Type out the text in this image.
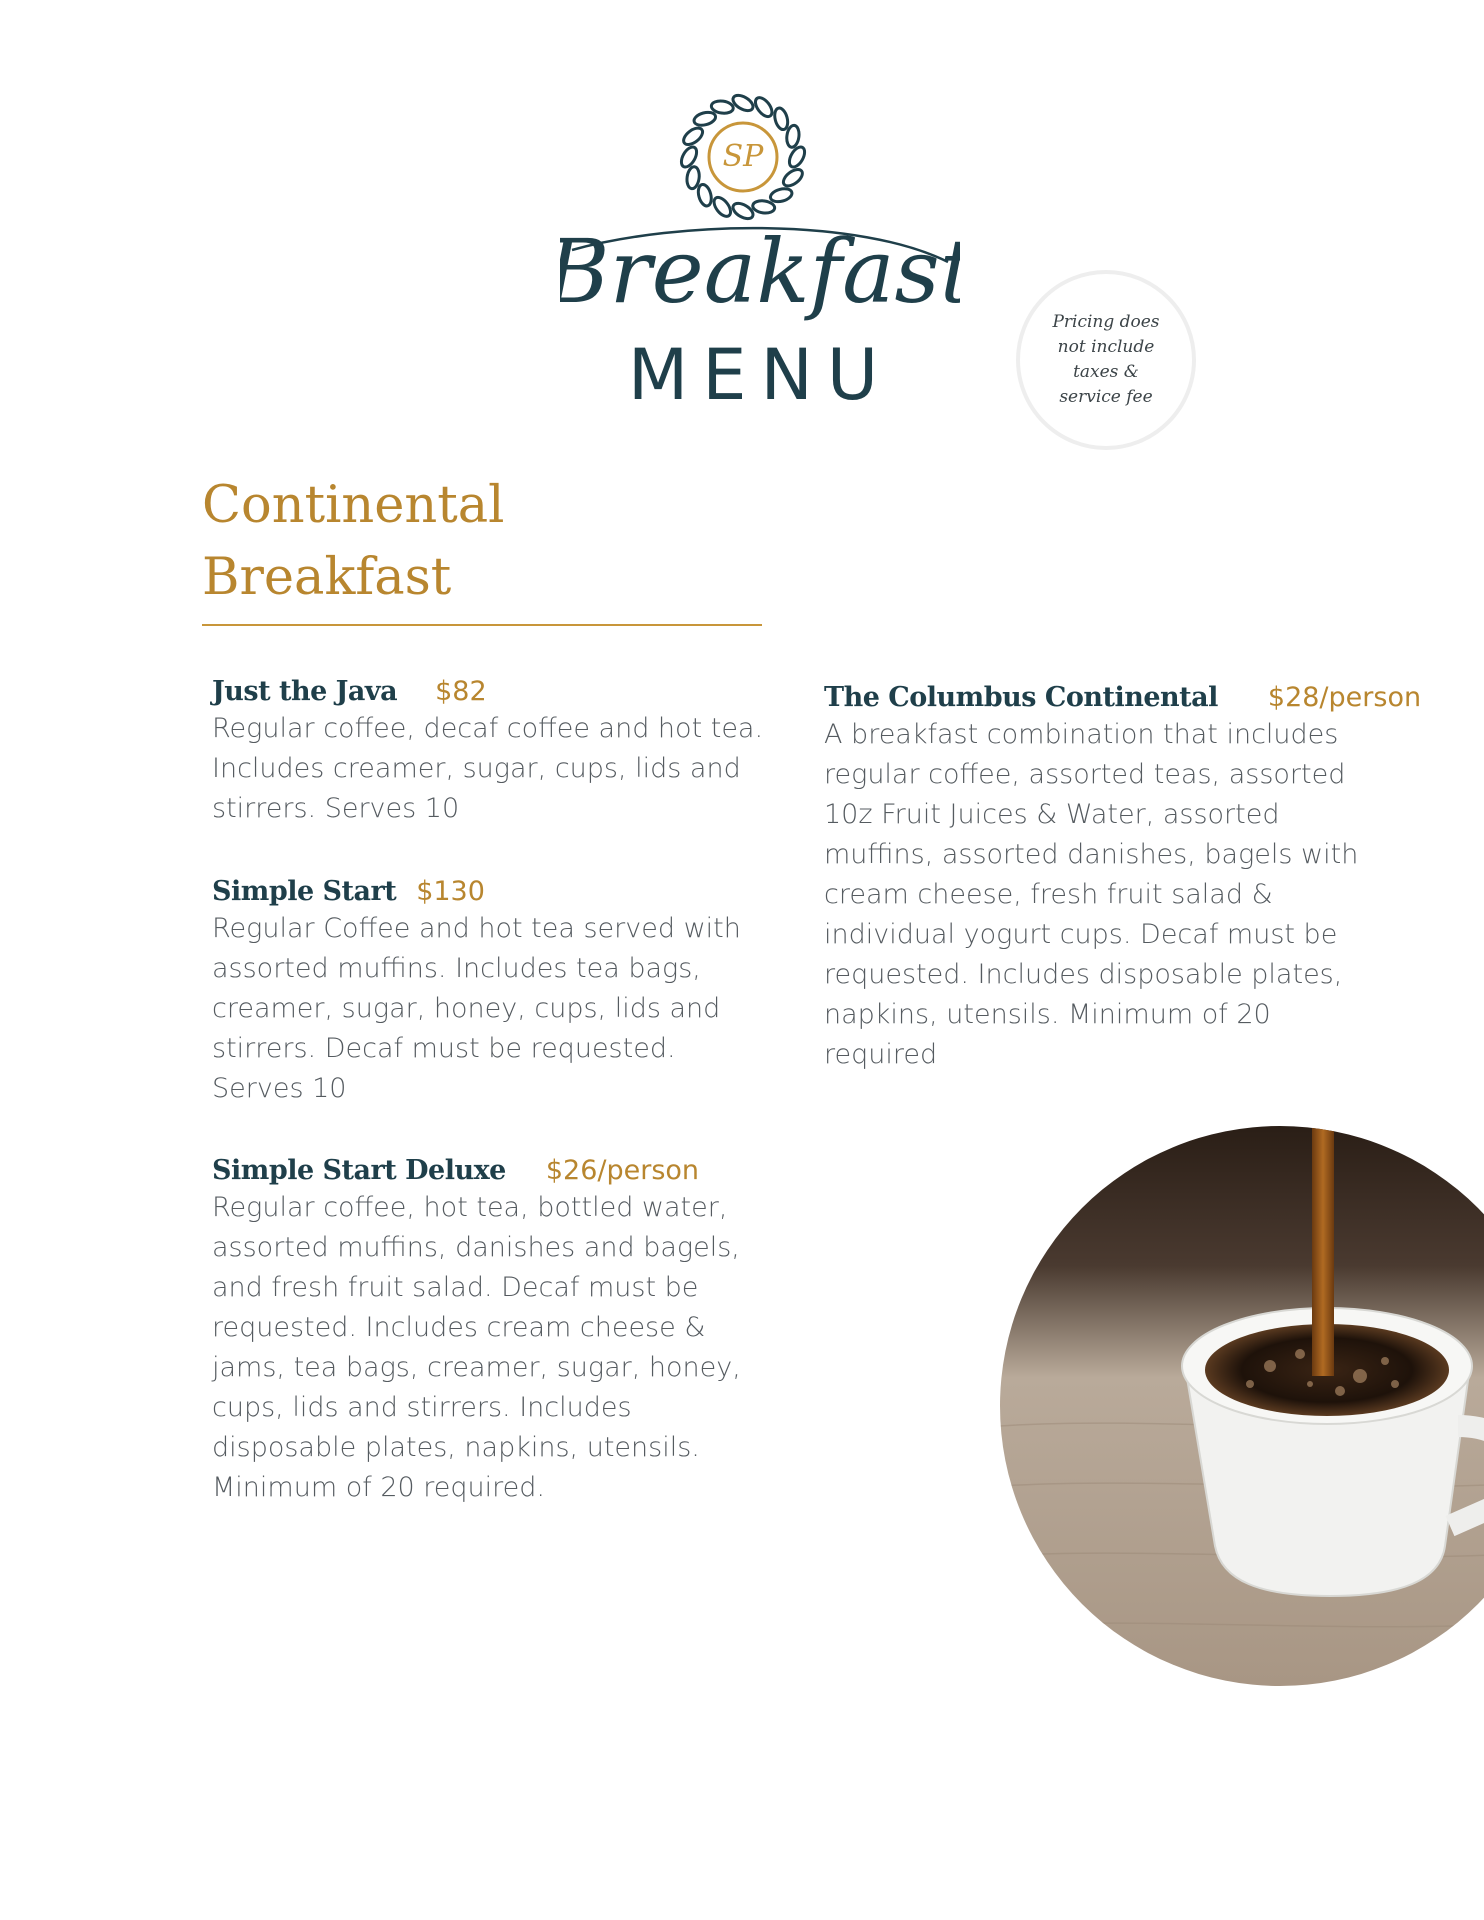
SP
Breakfast
MENU
Pricing does
not include
taxes &
service fee
Continental
Breakfast
Just the Java $82
Regular coffee, decaf coffee and hot tea. Includes creamer, sugar, cups, lids and stirrers. Serves 10
Simple Start $130
Regular Coffee and hot tea served with assorted muffins. Includes tea bags, creamer, sugar, honey, cups, lids and stirrers. Decaf must be requested. Serves 10
Simple Start Deluxe $26/person
Regular coffee, hot tea, bottled water, assorted muffins, danishes and bagels, and fresh fruit salad. Decaf must be requested. Includes cream cheese & jams, tea bags, creamer, sugar, honey, cups, lids and stirrers. Includes disposable plates, napkins, utensils. Minimum of 20 required.
The Columbus Continental $28/person
A breakfast combination that includes regular coffee, assorted teas, assorted 10z Fruit Juices & Water, assorted muffins, assorted danishes, bagels with cream cheese, fresh fruit salad & individual yogurt cups. Decaf must be requested. Includes disposable plates, napkins, utensils. Minimum of 20 required
